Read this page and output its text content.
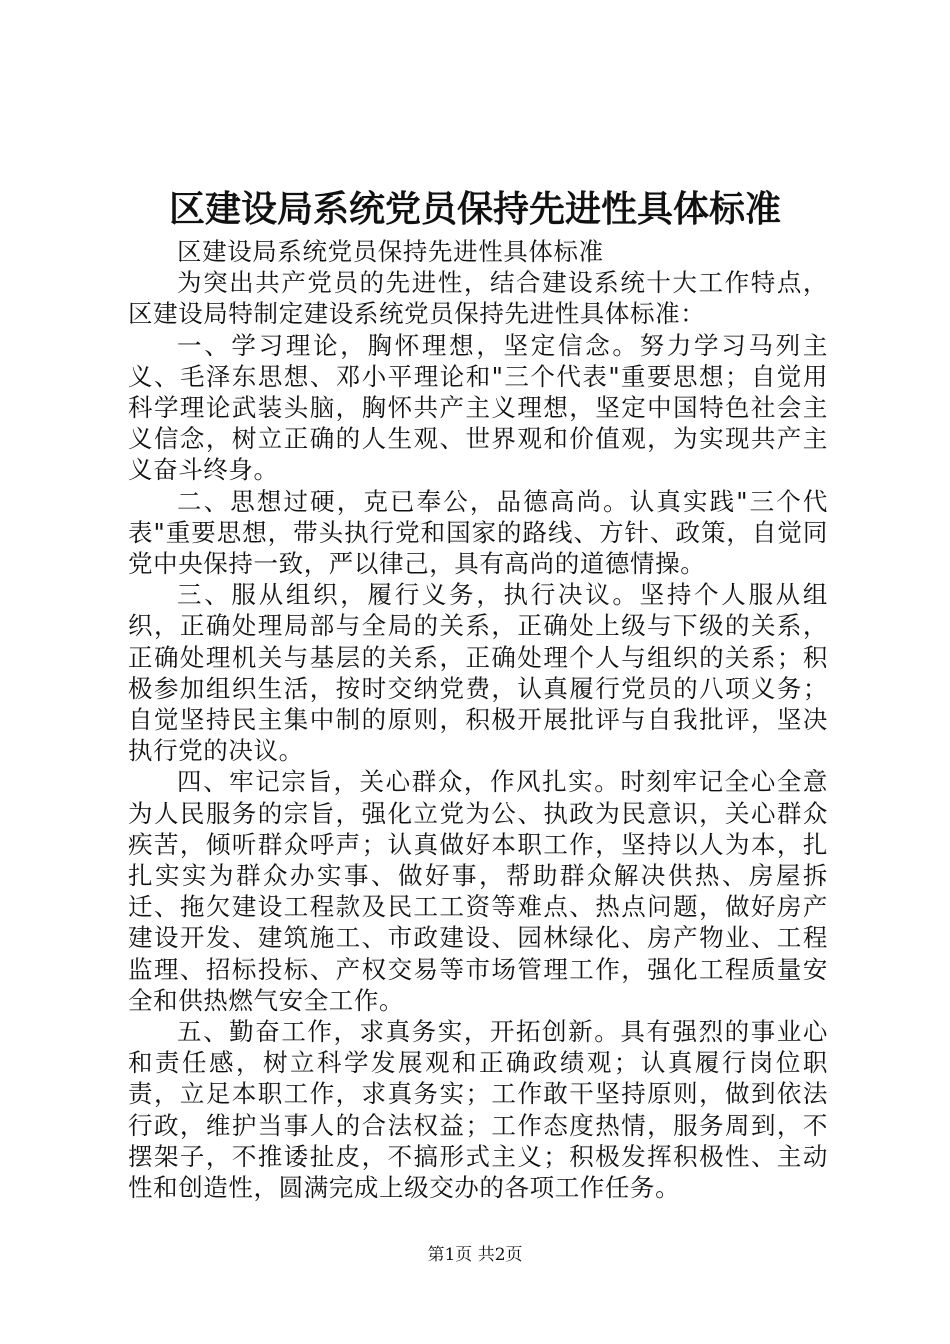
区建设局系统党员保持先进性具体标准

区建设局系统党员保持先进性具体标准

为突出共产党员的先进性，结合建设系统十大工作特点，区建设局特制定建设系统党员保持先进性具体标准：

一、学习理论，胸怀理想，坚定信念。努力学习马列主义、毛泽东思想、邓小平理论和"三个代表"重要思想；自觉用科学理论武装头脑，胸怀共产主义理想，坚定中国特色社会主义信念，树立正确的人生观、世界观和价值观，为实现共产主义奋斗终身。

二、思想过硬，克已奉公，品德高尚。认真实践"三个代表"重要思想，带头执行党和国家的路线、方针、政策，自觉同党中央保持一致，严以律己，具有高尚的道德情操。

三、服从组织，履行义务，执行决议。坚持个人服从组织，正确处理局部与全局的关系，正确处上级与下级的关系，正确处理机关与基层的关系，正确处理个人与组织的关系；积极参加组织生活，按时交纳党费，认真履行党员的八项义务；自觉坚持民主集中制的原则，积极开展批评与自我批评，坚决执行党的决议。

四、牢记宗旨，关心群众，作风扎实。时刻牢记全心全意为人民服务的宗旨，强化立党为公、执政为民意识，关心群众疾苦，倾听群众呼声；认真做好本职工作，坚持以人为本，扎扎实实为群众办实事、做好事，帮助群众解决供热、房屋拆迁、拖欠建设工程款及民工工资等难点、热点问题，做好房产建设开发、建筑施工、市政建设、园林绿化、房产物业、工程监理、招标投标、产权交易等市场管理工作，强化工程质量安全和供热燃气安全工作。

五、勤奋工作，求真务实，开拓创新。具有强烈的事业心和责任感，树立科学发展观和正确政绩观；认真履行岗位职责，立足本职工作，求真务实；工作敢干坚持原则，做到依法行政，维护当事人的合法权益；工作态度热情，服务周到，不摆架子，不推诿扯皮，不搞形式主义；积极发挥积极性、主动性和创造性，圆满完成上级交办的各项工作任务。

第1页 共2页
